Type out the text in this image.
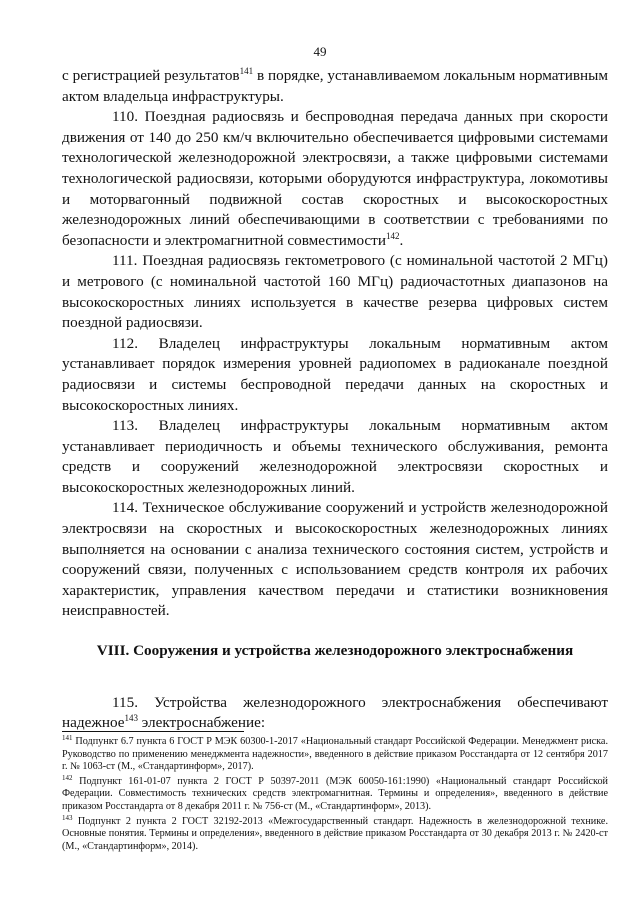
49

с регистрацией результатов$^{141}$ в порядке, устанавливаемом локальным нормативным актом владельца инфраструктуры.

110. Поездная радиосвязь и беспроводная передача данных при скорости движения от 140 до 250 км/ч включительно обеспечивается цифровыми системами технологической железнодорожной электросвязи, а также цифровыми системами технологической радиосвязи, которыми оборудуются инфраструктура, локомотивы и моторвагонный подвижной состав скоростных и высокоскоростных железнодорожных линий обеспечивающими в соответствии с требованиями по безопасности и электромагнитной совместимости$^{142}$.

111. Поездная радиосвязь гектометрового (с номинальной частотой 2 МГц) и метрового (с номинальной частотой 160 МГц) радиочастотных диапазонов на высокоскоростных линиях используется в качестве резерва цифровых систем поездной радиосвязи.

112. Владелец инфраструктуры локальным нормативным актом устанавливает порядок измерения уровней радиопомех в радиоканале поездной радиосвязи и системы беспроводной передачи данных на скоростных и высокоскоростных линиях.

113. Владелец инфраструктуры локальным нормативным актом устанавливает периодичность и объемы технического обслуживания, ремонта средств и сооружений железнодорожной электросвязи скоростных и высокоскоростных железнодорожных линий.

114. Техническое обслуживание сооружений и устройств железнодорожной электросвязи на скоростных и высокоскоростных железнодорожных линиях выполняется на основании с анализа технического состояния систем, устройств и сооружений связи, полученных с использованием средств контроля их рабочих характеристик, управления качеством передачи и статистики возникновения неисправностей.

VIII. Сооружения и устройства железнодорожного электроснабжения

115. Устройства железнодорожного электроснабжения обеспечивают надежное$^{143}$ электроснабжение:

$^{141}$ Подпункт 6.7 пункта 6 ГОСТ Р МЭК 60300-1-2017 «Национальный стандарт Российской Федерации. Менеджмент риска. Руководство по применению менеджмента надежности», введенного в действие приказом Росстандарта от 12 сентября 2017 г. № 1063-ст (М., «Стандартинформ», 2017).

$^{142}$ Подпункт 161-01-07 пункта 2 ГОСТ Р 50397-2011 (МЭК 60050-161:1990) «Национальный стандарт Российской Федерации. Совместимость технических средств электромагнитная. Термины и определения», введенного в действие приказом Росстандарта от 8 декабря 2011 г. № 756-ст (М., «Стандартинформ», 2013).

$^{143}$ Подпункт 2 пункта 2 ГОСТ 32192-2013 «Межгосударственный стандарт. Надежность в железнодорожной технике. Основные понятия. Термины и определения», введенного в действие приказом Росстандарта от 30 декабря 2013 г. № 2420-ст (М., «Стандартинформ», 2014).
